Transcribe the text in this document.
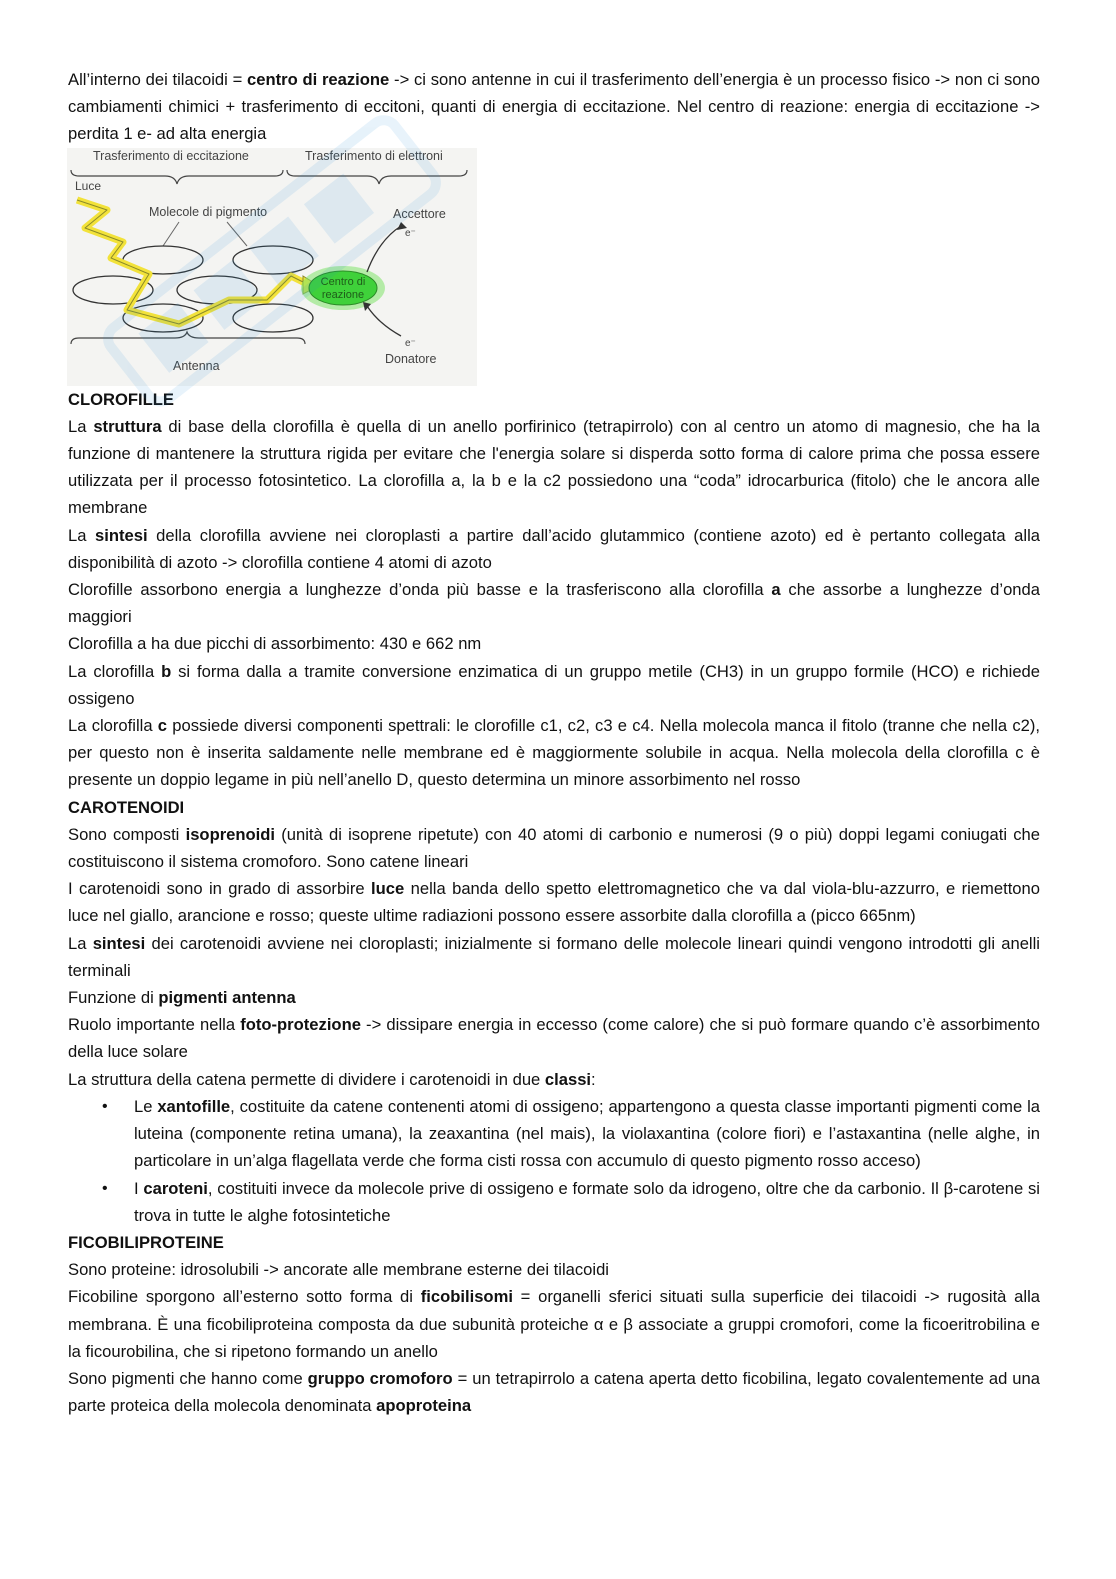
All’interno dei tilacoidi = centro di reazione -> ci sono antenne in cui il trasferimento dell’energia è un processo fisico -> non ci sono cambiamenti chimici + trasferimento di eccitoni, quanti di energia di eccitazione. Nel centro di reazione: energia di eccitazione -> perdita 1 e- ad alta energia

Trasferimento di eccitazione	Trasferimento di elettroni
Luce
Molecole di pigmento	Accettore
e⁻
e⁻
Donatore
Antenna
Centro di
reazione

CLOROFILLE

La struttura di base della clorofilla è quella di un anello porfirinico (tetrapirrolo) con al centro un atomo di magnesio, che ha la funzione di mantenere la struttura rigida per evitare che l'energia solare si disperda sotto forma di calore prima che possa essere utilizzata per il processo fotosintetico. La clorofilla a, la b e la c2 possiedono una “coda” idrocarburica (fitolo) che le ancora alle membrane

La sintesi della clorofilla avviene nei cloroplasti a partire dall’acido glutammico (contiene azoto) ed è pertanto collegata alla disponibilità di azoto -> clorofilla contiene 4 atomi di azoto

Clorofille assorbono energia a lunghezze d’onda più basse e la trasferiscono alla clorofilla a che assorbe a lunghezze d’onda maggiori

Clorofilla a ha due picchi di assorbimento: 430 e 662 nm

La clorofilla b si forma dalla a tramite conversione enzimatica di un gruppo metile (CH3) in un gruppo formile (HCO) e richiede ossigeno

La clorofilla c possiede diversi componenti spettrali: le clorofille c1, c2, c3 e c4. Nella molecola manca il fitolo (tranne che nella c2), per questo non è inserita saldamente nelle membrane ed è maggiormente solubile in acqua. Nella molecola della clorofilla c è presente un doppio legame in più nell’anello D, questo determina un minore assorbimento nel rosso

CAROTENOIDI

Sono composti isoprenoidi (unità di isoprene ripetute) con 40 atomi di carbonio e numerosi (9 o più) doppi legami coniugati che costituiscono il sistema cromoforo. Sono catene lineari

I carotenoidi sono in grado di assorbire luce nella banda dello spetto elettromagnetico che va dal viola-blu-azzurro, e riemettono luce nel giallo, arancione e rosso; queste ultime radiazioni possono essere assorbite dalla clorofilla a (picco 665nm)

La sintesi dei carotenoidi avviene nei cloroplasti; inizialmente si formano delle molecole lineari quindi vengono introdotti gli anelli terminali

Funzione di pigmenti antenna

Ruolo importante nella foto-protezione -> dissipare energia in eccesso (come calore) che si può formare quando c’è assorbimento della luce solare

La struttura della catena permette di dividere i carotenoidi in due classi:

• Le xantofille, costituite da catene contenenti atomi di ossigeno; appartengono a questa classe importanti pigmenti come la luteina (componente retina umana), la zeaxantina (nel mais), la violaxantina (colore fiori) e l’astaxantina (nelle alghe, in particolare in un’alga flagellata verde che forma cisti rossa con accumulo di questo pigmento rosso acceso)
• I caroteni, costituiti invece da molecole prive di ossigeno e formate solo da idrogeno, oltre che da carbonio. Il β-carotene si trova in tutte le alghe fotosintetiche

FICOBILIPROTEINE

Sono proteine: idrosolubili -> ancorate alle membrane esterne dei tilacoidi

Ficobiline sporgono all’esterno sotto forma di ficobilisomi = organelli sferici situati sulla superficie dei tilacoidi -> rugosità alla membrana. È una ficobiliproteina composta da due subunità proteiche α e β associate a gruppi cromofori, come la ficoeritrobilina e la ficourobilina, che si ripetono formando un anello

Sono pigmenti che hanno come gruppo cromoforo = un tetrapirrolo a catena aperta detto ficobilina, legato covalentemente ad una parte proteica della molecola denominata apoproteina
